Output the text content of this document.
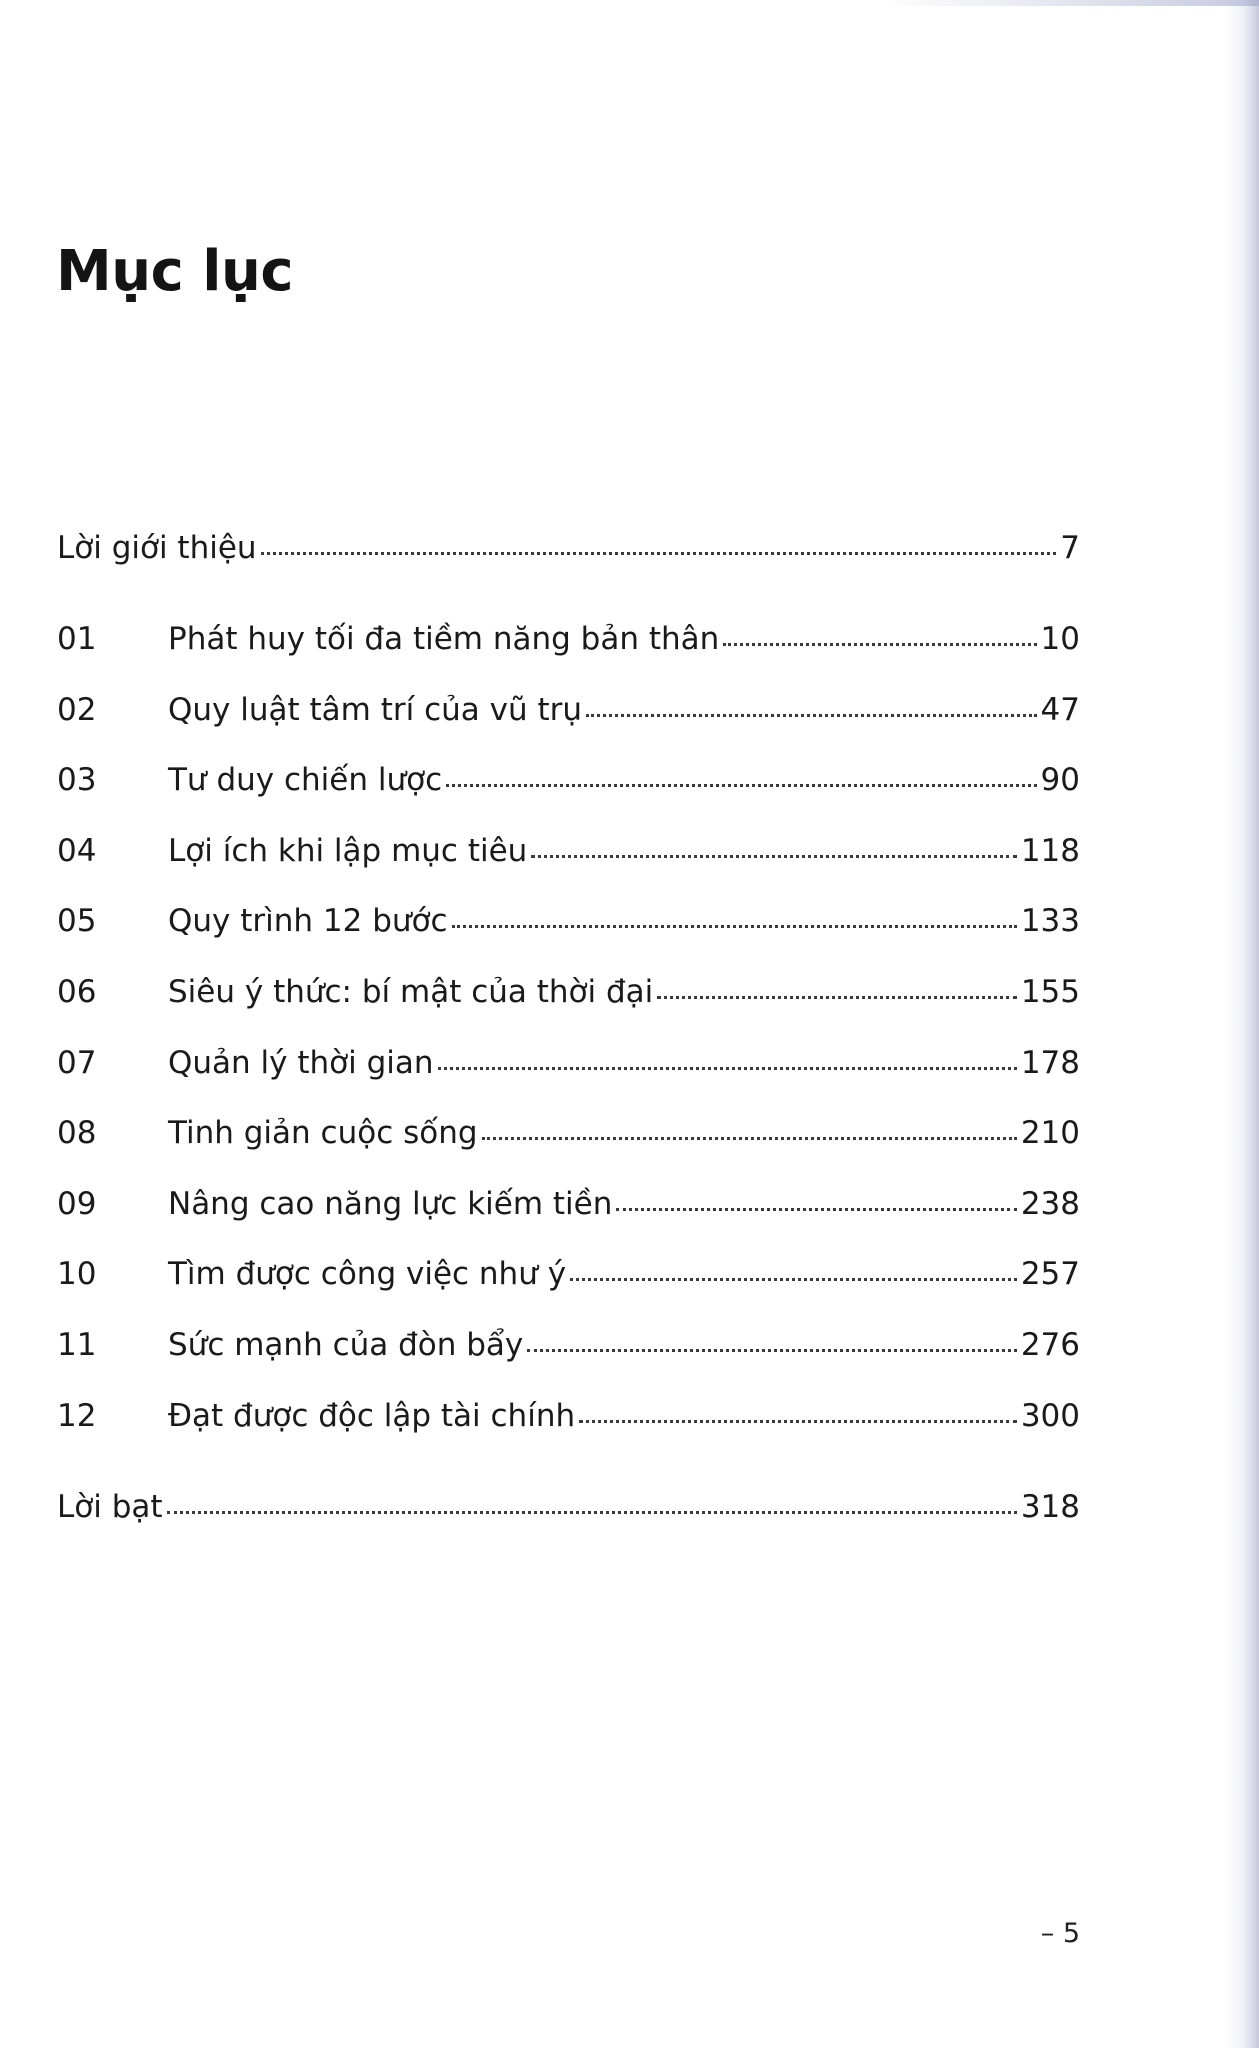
Mục lục
Lời giới thiệu	7
01	Phát huy tối đa tiềm năng bản thân	10
02	Quy luật tâm trí của vũ trụ	47
03	Tư duy chiến lược	90
04	Lợi ích khi lập mục tiêu	118
05	Quy trình 12 bước	133
06	Siêu ý thức: bí mật của thời đại	155
07	Quản lý thời gian	178
08	Tinh giản cuộc sống	210
09	Nâng cao năng lực kiếm tiền	238
10	Tìm được công việc như ý	257
11	Sức mạnh của đòn bẩy	276
12	Đạt được độc lập tài chính	300
Lời bạt	318
– 5
